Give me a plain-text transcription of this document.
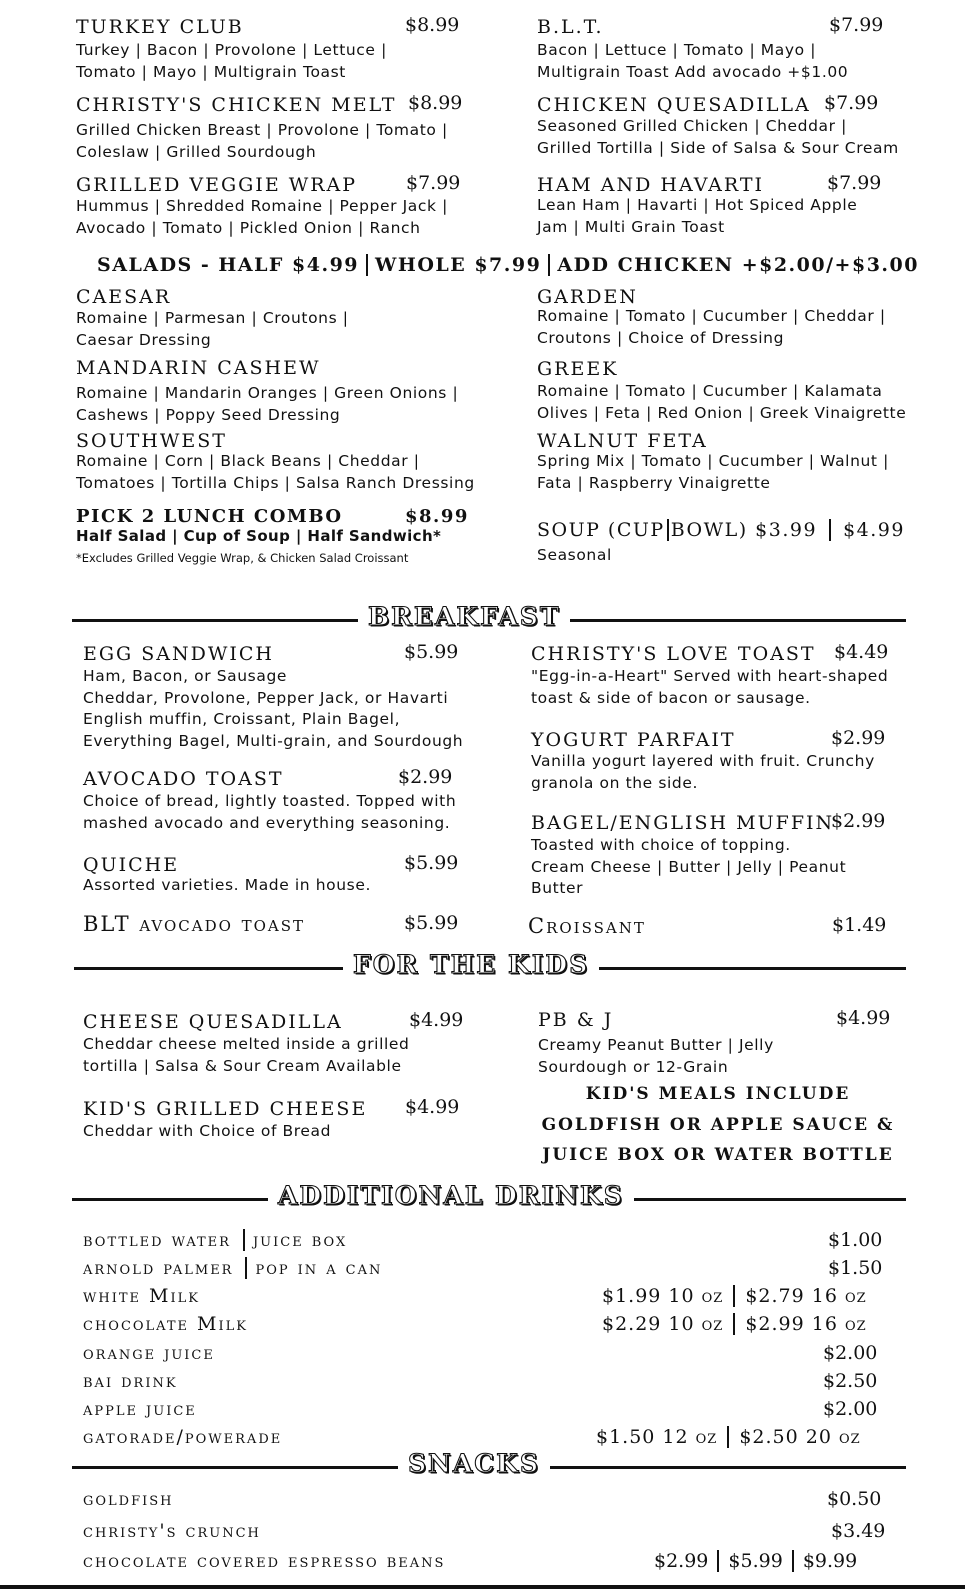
TURKEY CLUB	$8.99
Turkey | Bacon | Provolone | Lettuce |
Tomato | Mayo | Multigrain Toast
CHRISTY'S CHICKEN MELT $8.99
Grilled Chicken Breast | Provolone | Tomato |
Coleslaw | Grilled Sourdough
GRILLED VEGGIE WRAP	$7.99
Hummus | Shredded Romaine | Pepper Jack |
Avocado | Tomato | Pickled Onion | Ranch
B.L.T.	$7.99
Bacon | Lettuce | Tomato | Mayo |
Multigrain Toast Add avocado +$1.00
CHICKEN QUESADILLA $7.99
Seasoned Grilled Chicken | Cheddar |
Grilled Tortilla | Side of Salsa & Sour Cream
HAM AND HAVARTI	$7.99
Lean Ham | Havarti | Hot Spiced Apple
Jam | Multi Grain Toast
SALADS - HALF $4.99 WHOLE $7.99 ADD CHICKEN +$2.00/+$3.00
CAESAR
Romaine | Parmesan | Croutons |
Caesar Dressing
MANDARIN CASHEW
Romaine | Mandarin Oranges | Green Onions |
Cashews | Poppy Seed Dressing
SOUTHWEST
Romaine | Corn | Black Beans | Cheddar |
Tomatoes | Tortilla Chips | Salsa Ranch Dressing
GARDEN
Romaine | Tomato | Cucumber | Cheddar |
Croutons | Choice of Dressing
GREEK
Romaine | Tomato | Cucumber | Kalamata
Olives | Feta | Red Onion | Greek Vinaigrette
WALNUT FETA
Spring Mix | Tomato | Cucumber | Walnut |
Fata | Raspberry Vinaigrette
PICK 2 LUNCH COMBO	$8.99
Half Salad | Cup of Soup | Half Sandwich*
*Excludes Grilled Veggie Wrap, & Chicken Salad Croissant
SOUP (CUP BOWL) $3.99 $4.99
Seasonal
BREAKFAST
EGG SANDWICH	$5.99
Ham, Bacon, or Sausage
Cheddar, Provolone, Pepper Jack, or Havarti
English muffin, Croissant, Plain Bagel,
Everything Bagel, Multi-grain, and Sourdough
AVOCADO TOAST	$2.99
Choice of bread, lightly toasted. Topped with
mashed avocado and everything seasoning.
QUICHE	$5.99
Assorted varieties. Made in house.
BLT avocado toast	$5.99
CHRISTY'S LOVE TOAST $4.49
"Egg-in-a-Heart" Served with heart-shaped
toast & side of bacon or sausage.
YOGURT PARFAIT	$2.99
Vanilla yogurt layered with fruit. Crunchy
granola on the side.
BAGEL/ENGLISH MUFFIN
$2.99
Toasted with choice of topping.
Cream Cheese | Butter | Jelly | Peanut
Butter
Croissant	$1.49
FOR THE KIDS
CHEESE QUESADILLA	$4.99
Cheddar cheese melted inside a grilled
tortilla | Salsa & Sour Cream Available
KID'S GRILLED CHEESE $4.99
Cheddar with Choice of Bread
PB & J	$4.99
Creamy Peanut Butter | Jelly
Sourdough or 12-Grain
KID'S MEALS INCLUDE
GOLDFISH OR APPLE SAUCE &
JUICE BOX OR WATER BOTTLE
ADDITIONAL DRINKS
bottled water juice box	$1.00
arnold palmer pop in a can	$1.50
white Milk	$1.99 10 oz $2.79 16 oz
chocolate Milk	$2.29 10 oz $2.99 16 oz
orange juice	$2.00
bai drink	$2.50
apple juice	$2.00
gatorade/powerade	$1.50 12 oz $2.50 20 oz
SNACKS
goldfish	$0.50
christy's crunch	$3.49
chocolate covered espresso beans	$2.99 $5.99 $9.99
